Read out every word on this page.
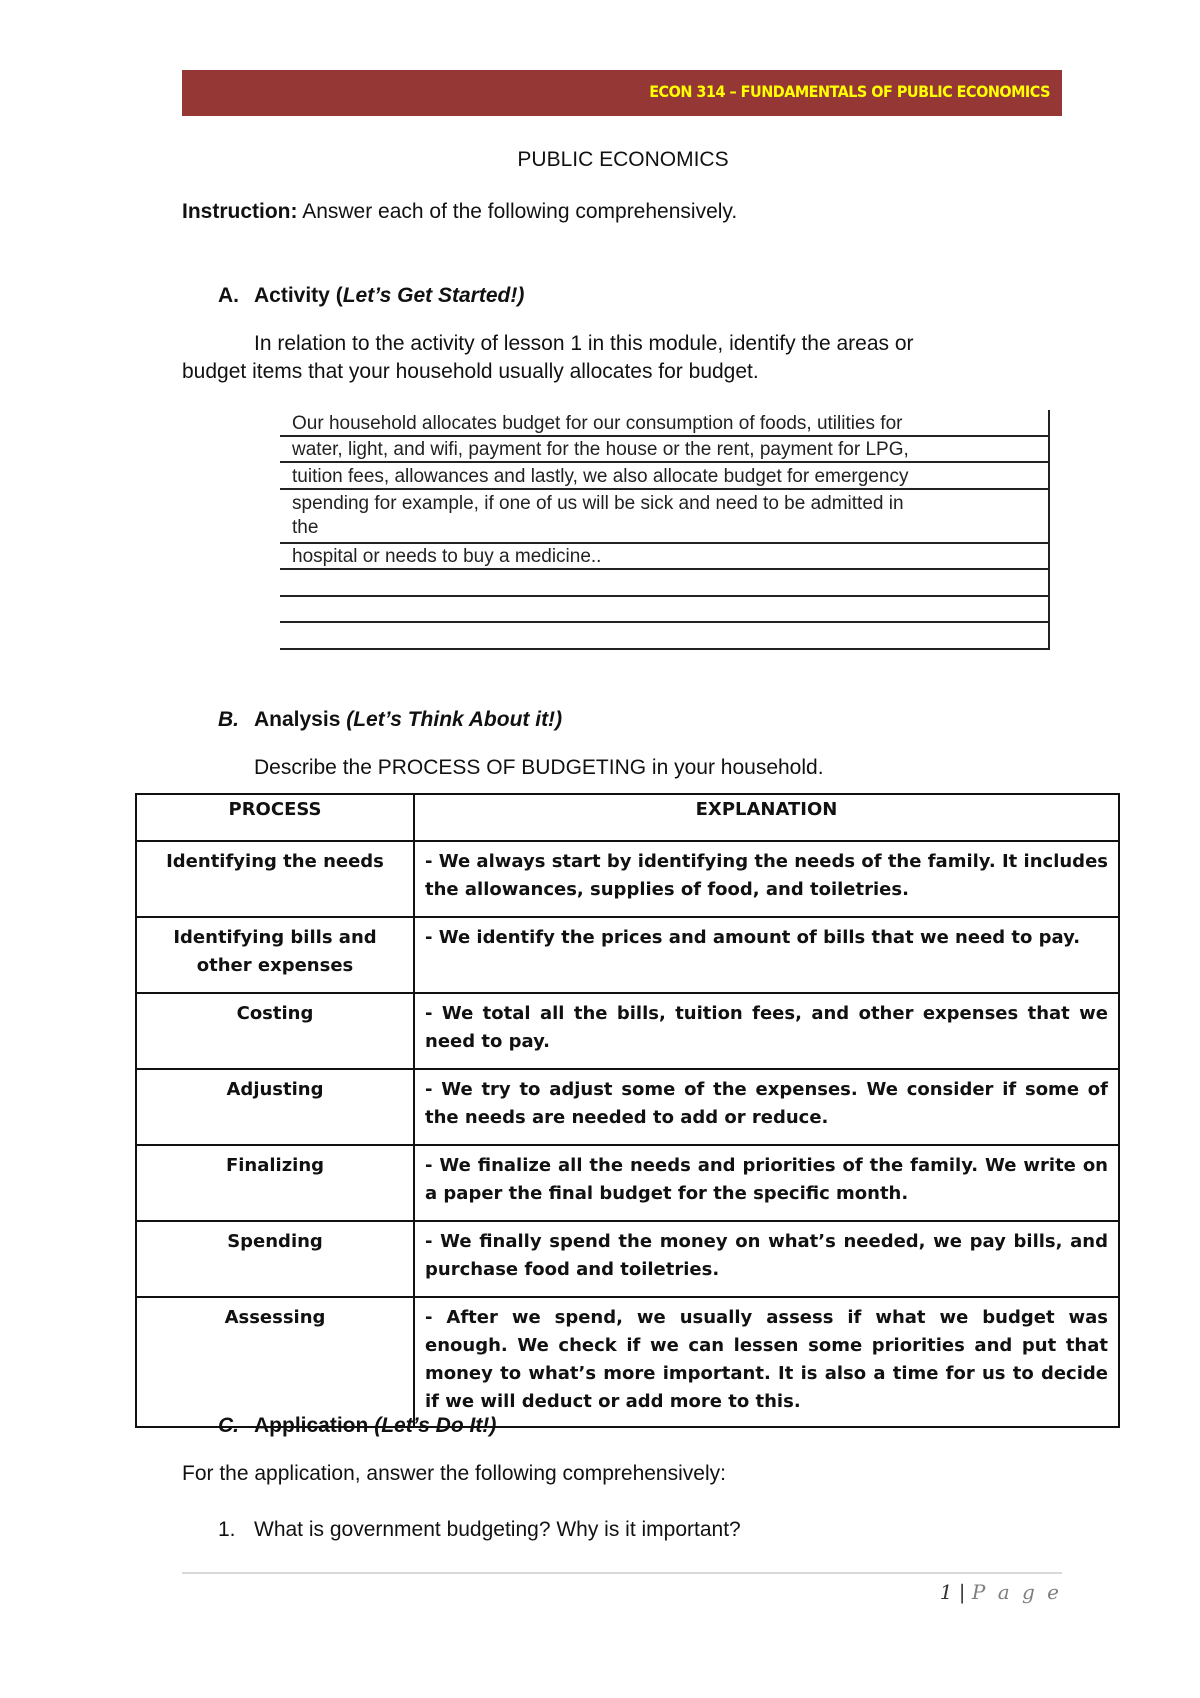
ECON 314 – FUNDAMENTALS OF PUBLIC ECONOMICS
PUBLIC ECONOMICS
Instruction: Answer each of the following comprehensively.
A. Activity (Let’s Get Started!)
In relation to the activity of lesson 1 in this module, identify the areas or
budget items that your household usually allocates for budget.
Our household allocates budget for our consumption of foods, utilities for
water, light, and wifi, payment for the house or the rent, payment for LPG,
tuition fees, allowances and lastly, we also allocate budget for emergency
spending for example, if one of us will be sick and need to be admitted in
the
hospital or needs to buy a medicine..
B. Analysis (Let’s Think About it!)
Describe the PROCESS OF BUDGETING in your household.
PROCESS	EXPLANATION
Identifying the needs	- We always start by identifying the needs of the family. It includes the allowances, supplies of food, and toiletries.
Identifying bills and other expenses	- We identify the prices and amount of bills that we need to pay.
Costing	- We total all the bills, tuition fees, and other expenses that we need to pay.
Adjusting	- We try to adjust some of the expenses. We consider if some of the needs are needed to add or reduce.
Finalizing	- We finalize all the needs and priorities of the family. We write on a paper the final budget for the specific month.
Spending	- We finally spend the money on what’s needed, we pay bills, and purchase food and toiletries.
Assessing	- After we spend, we usually assess if what we budget was enough. We check if we can lessen some priorities and put that money to what’s more important. It is also a time for us to decide if we will deduct or add more to this.
C. Application (Let’s Do It!)
For the application, answer the following comprehensively:
1. What is government budgeting? Why is it important?
1 | P a g e
